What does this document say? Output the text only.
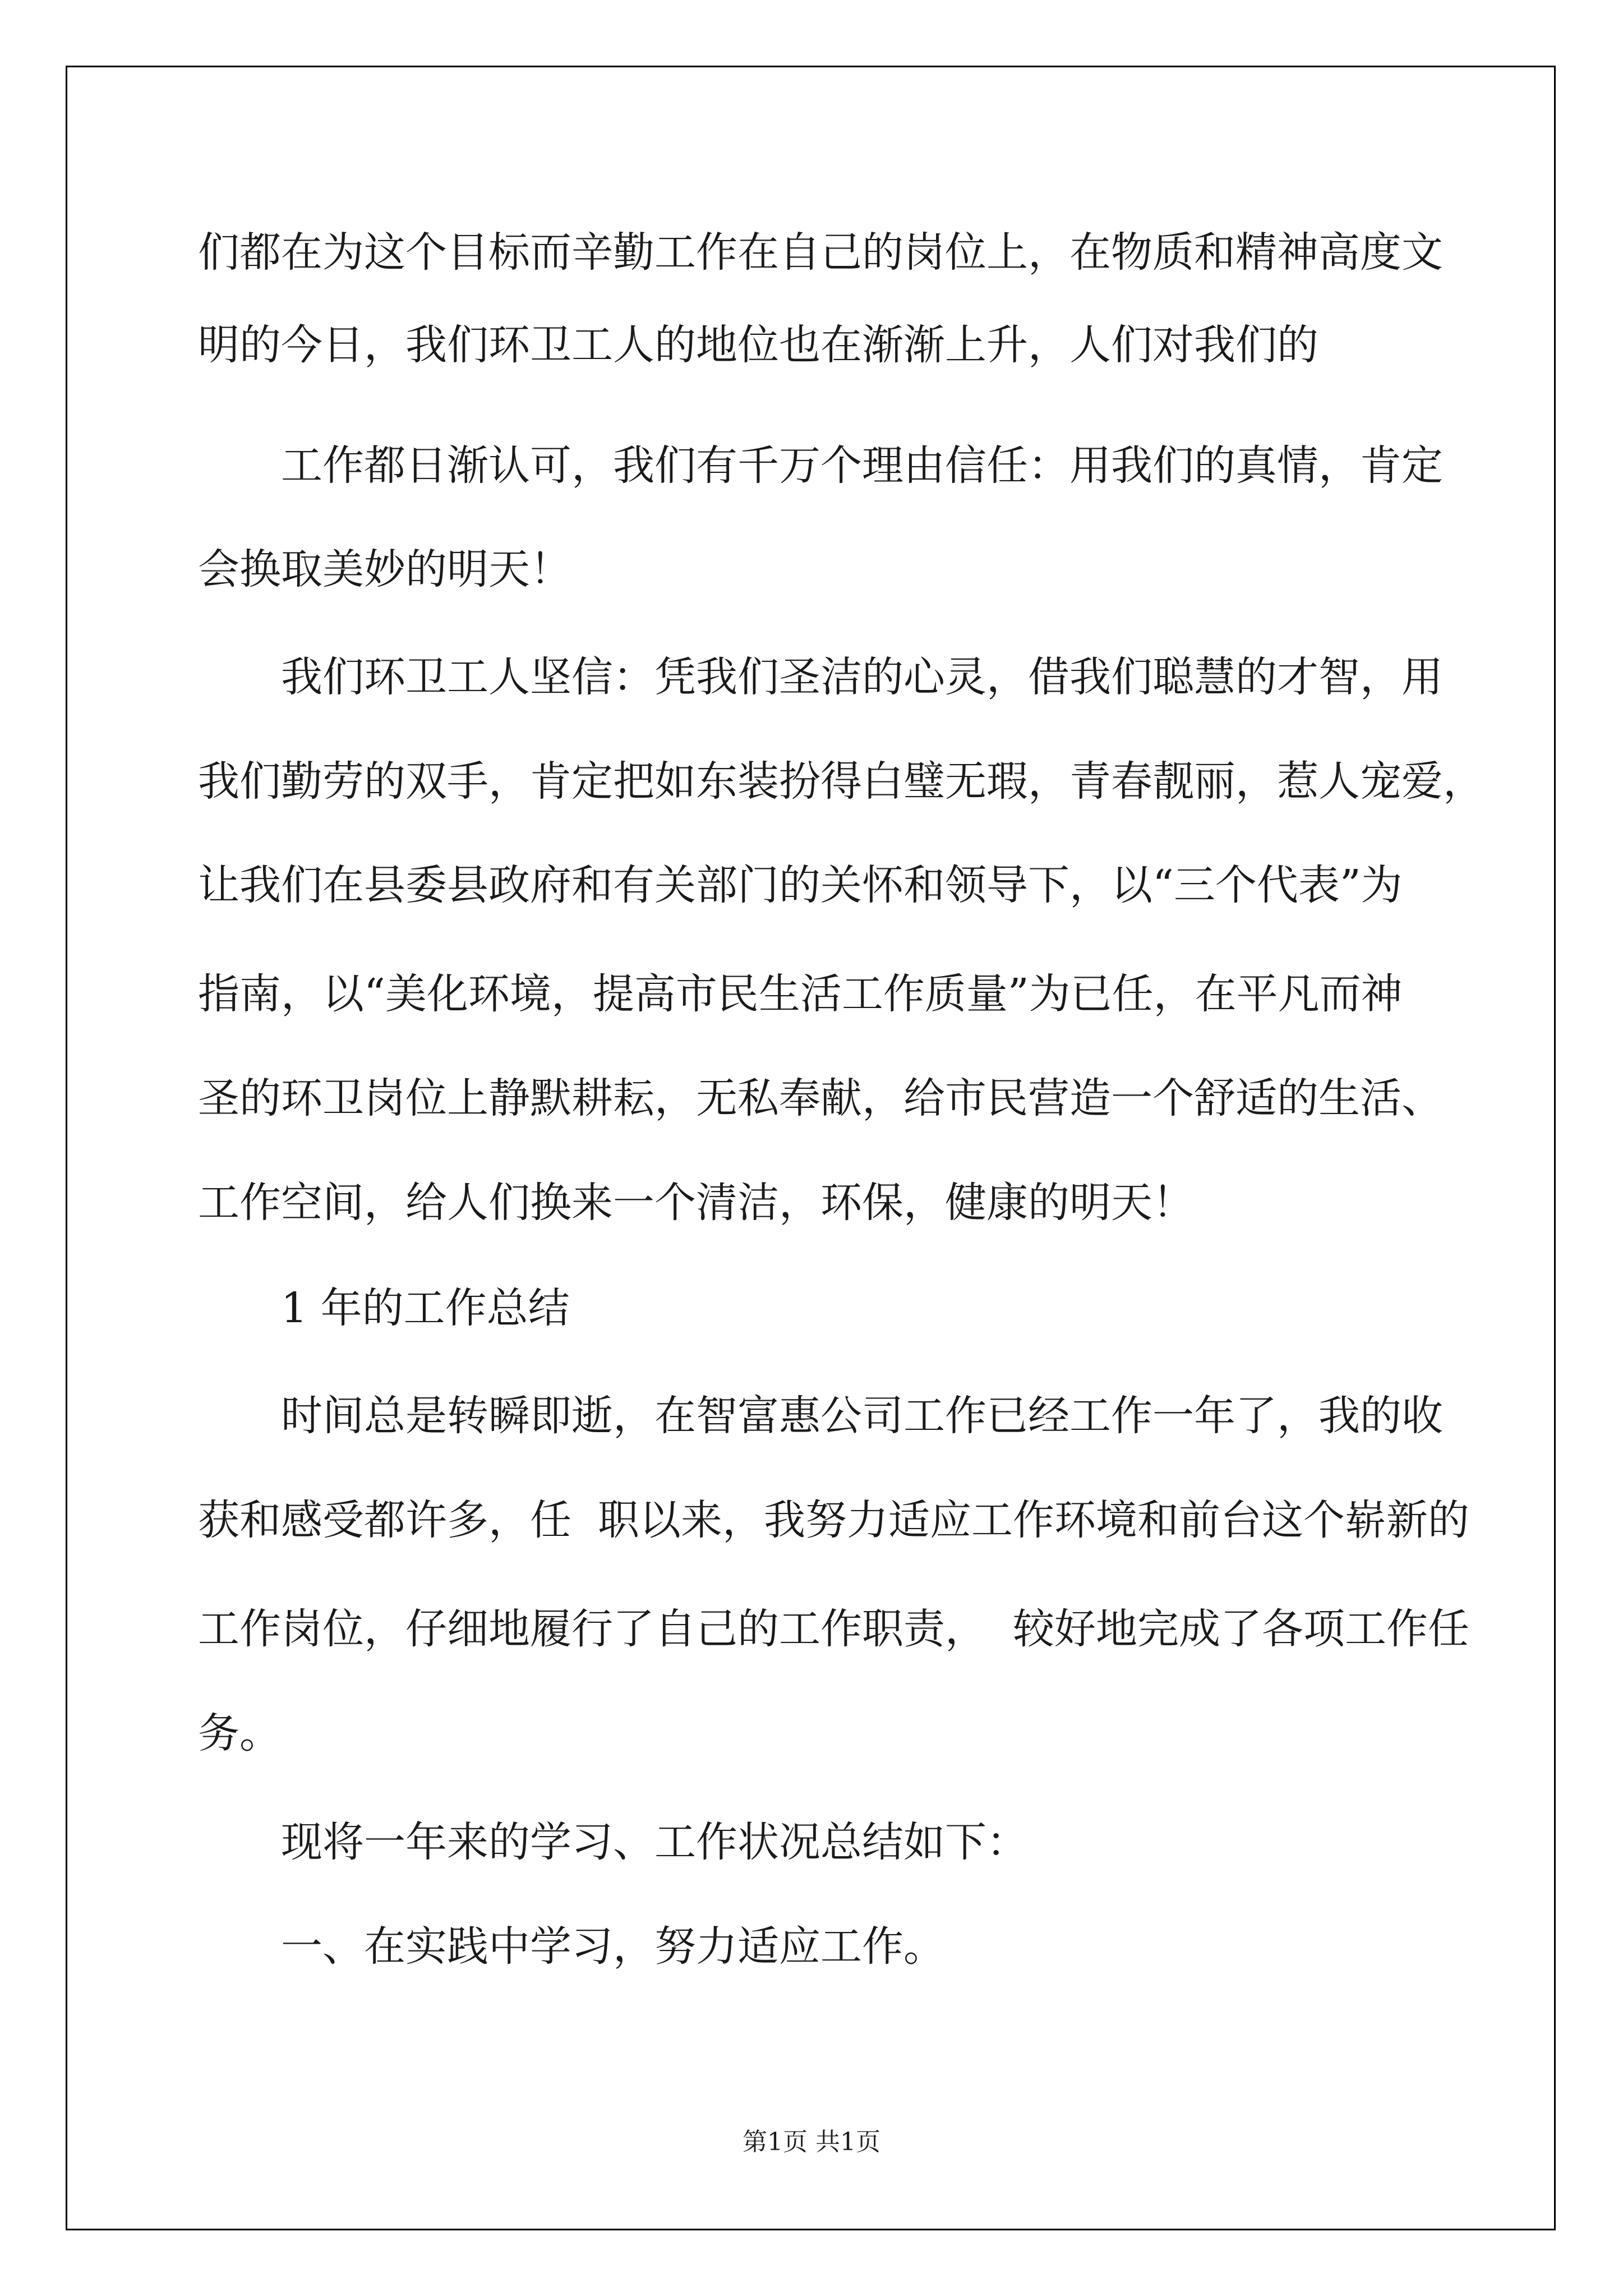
们都在为这个目标而辛勤工作在自己的岗位上，在物质和精神高度文
明的今日，我们环卫工人的地位也在渐渐上升，人们对我们的
工作都日渐认可，我们有千万个理由信任：用我们的真情，肯定
会换取美妙的明天！
我们环卫工人坚信：凭我们圣洁的心灵，借我们聪慧的才智，用
我们勤劳的双手，肯定把如东装扮得白璧无瑕，青春靓丽，惹人宠爱，
让我们在县委县政府和有关部门的关怀和领导下，以“三个代表”为
指南，以“美化环境，提高市民生活工作质量”为已任，在平凡而神
圣的环卫岗位上静默耕耘，无私奉献，给市民营造一个舒适的生活、
工作空间，给人们换来一个清洁，环保，健康的明天！
1 年的工作总结
时间总是转瞬即逝，在智富惠公司工作已经工作一年了，我的收
获和感受都许多，任  职以来，我努力适应工作环境和前台这个崭新的
工作岗位，仔细地履行了自己的工作职责，  较好地完成了各项工作任
务。
现将一年来的学习、工作状况总结如下：
一、在实践中学习，努力适应工作。
第1页 共1页
